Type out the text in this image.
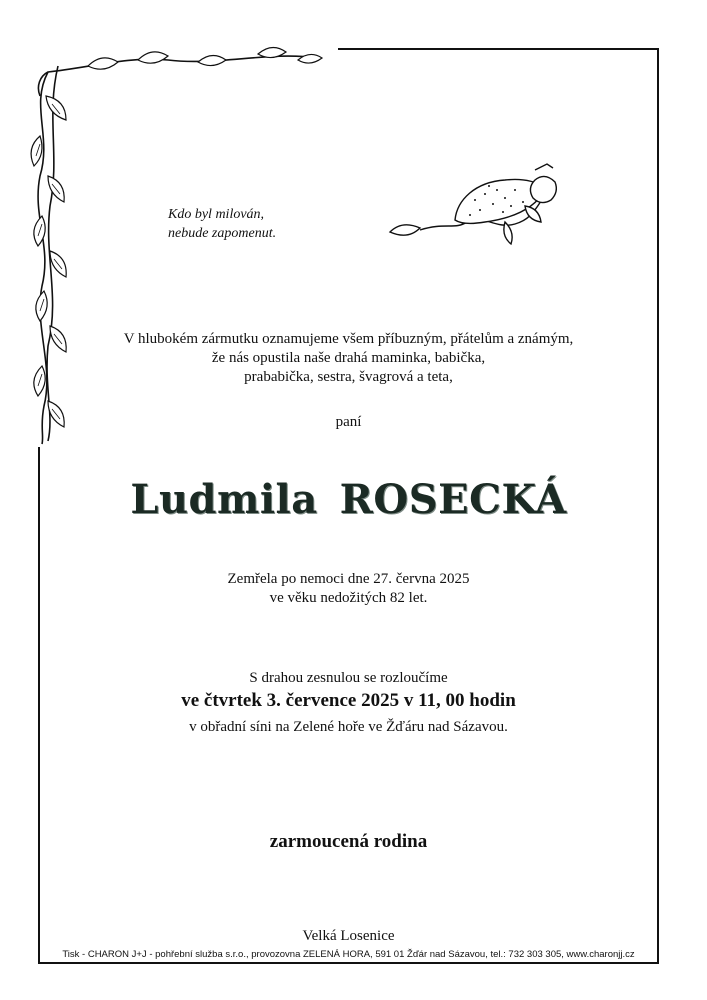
Kdo byl milován,
nebude zapomenut.
V hlubokém zármutku oznamujeme všem příbuzným, přátelům a známým,
že nás opustila naše drahá maminka, babička,
prababička, sestra, švagrová a teta,
paní
Ludmila ROSECKÁ
Zemřela po nemoci dne 27. června 2025
ve věku nedožitých 82 let.
S drahou zesnulou se rozloučíme
ve čtvrtek 3. července 2025 v 11, 00 hodin
v obřadní síni na Zelené hoře ve Žďáru nad Sázavou.
zarmoucená rodina
Velká Losenice
Tisk - CHARON J+J - pohřební služba s.r.o., provozovna ZELENÁ HORA, 591 01 Žďár nad Sázavou, tel.: 732 303 305, www.charonjj.cz
